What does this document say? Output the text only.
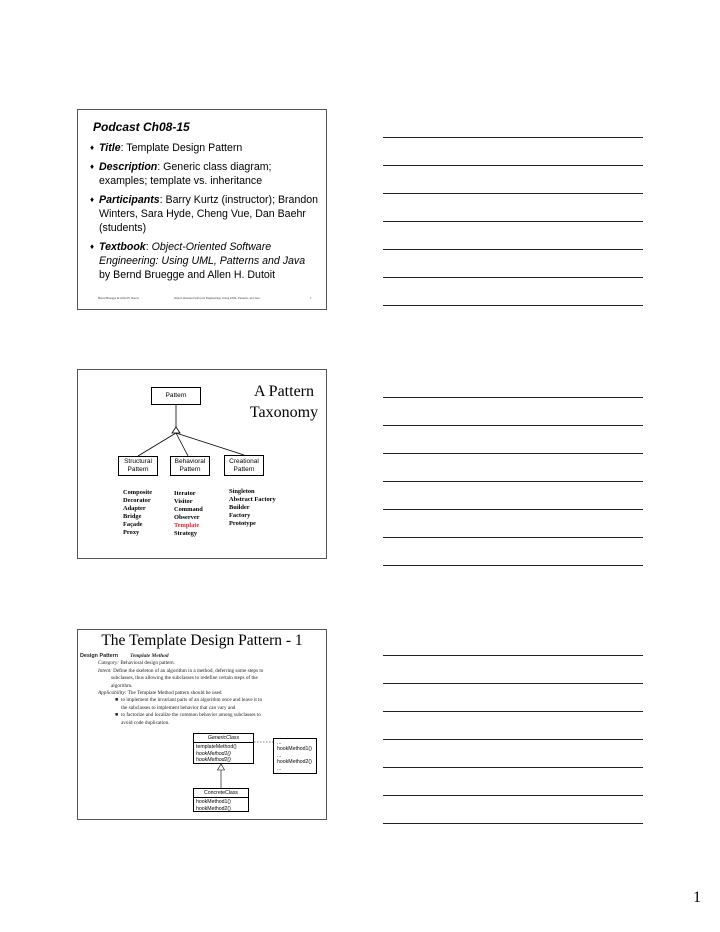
Podcast Ch08-15
♦ Title: Template Design Pattern
♦ Description: Generic class diagram; examples; template vs. inheritance
♦ Participants: Barry Kurtz (instructor); Brandon Winters, Sara Hyde, Cheng Vue, Dan Baehr (students)
♦ Textbook: Object-Oriented Software Engineering: Using UML, Patterns and Java by Bernd Bruegge and Allen H. Dutoit
Bernd Bruegge & Allen H. Dutoit	Object-Oriented Software Engineering: Using UML, Patterns, and Java	1
A Pattern Taxonomy
Pattern
Structural Pattern
Behavioral Pattern
Creational Pattern
Composite
Decorator
Adapter
Bridge
Façade
Proxy
Iterator
Visitor
Command
Observer
Template
Strategy
Singleton
Abstract Factory
Builder
Factory
Prototype
The Template Design Pattern - 1
Design Pattern Template Method
Category: Behavioral design pattern.
Intent: Define the skeleton of an algorithm in a method, deferring some steps to
subclasses, thus allowing the subclasses to redefine certain steps of the
algorithm.
Applicability: The Template Method pattern should be used
■ to implement the invariant parts of an algorithm once and leave it to
the subclasses to implement behavior that can vary and
■ to factorize and localize the common behavior among subclasses to
avoid code duplication.
GenericClass
templateMethod()
hookMethod1()
hookMethod2()
...
hookMethod1()
...
hookMethod2()
...
ConcreteClass
hookMethod1()
hookMethod2()
1
